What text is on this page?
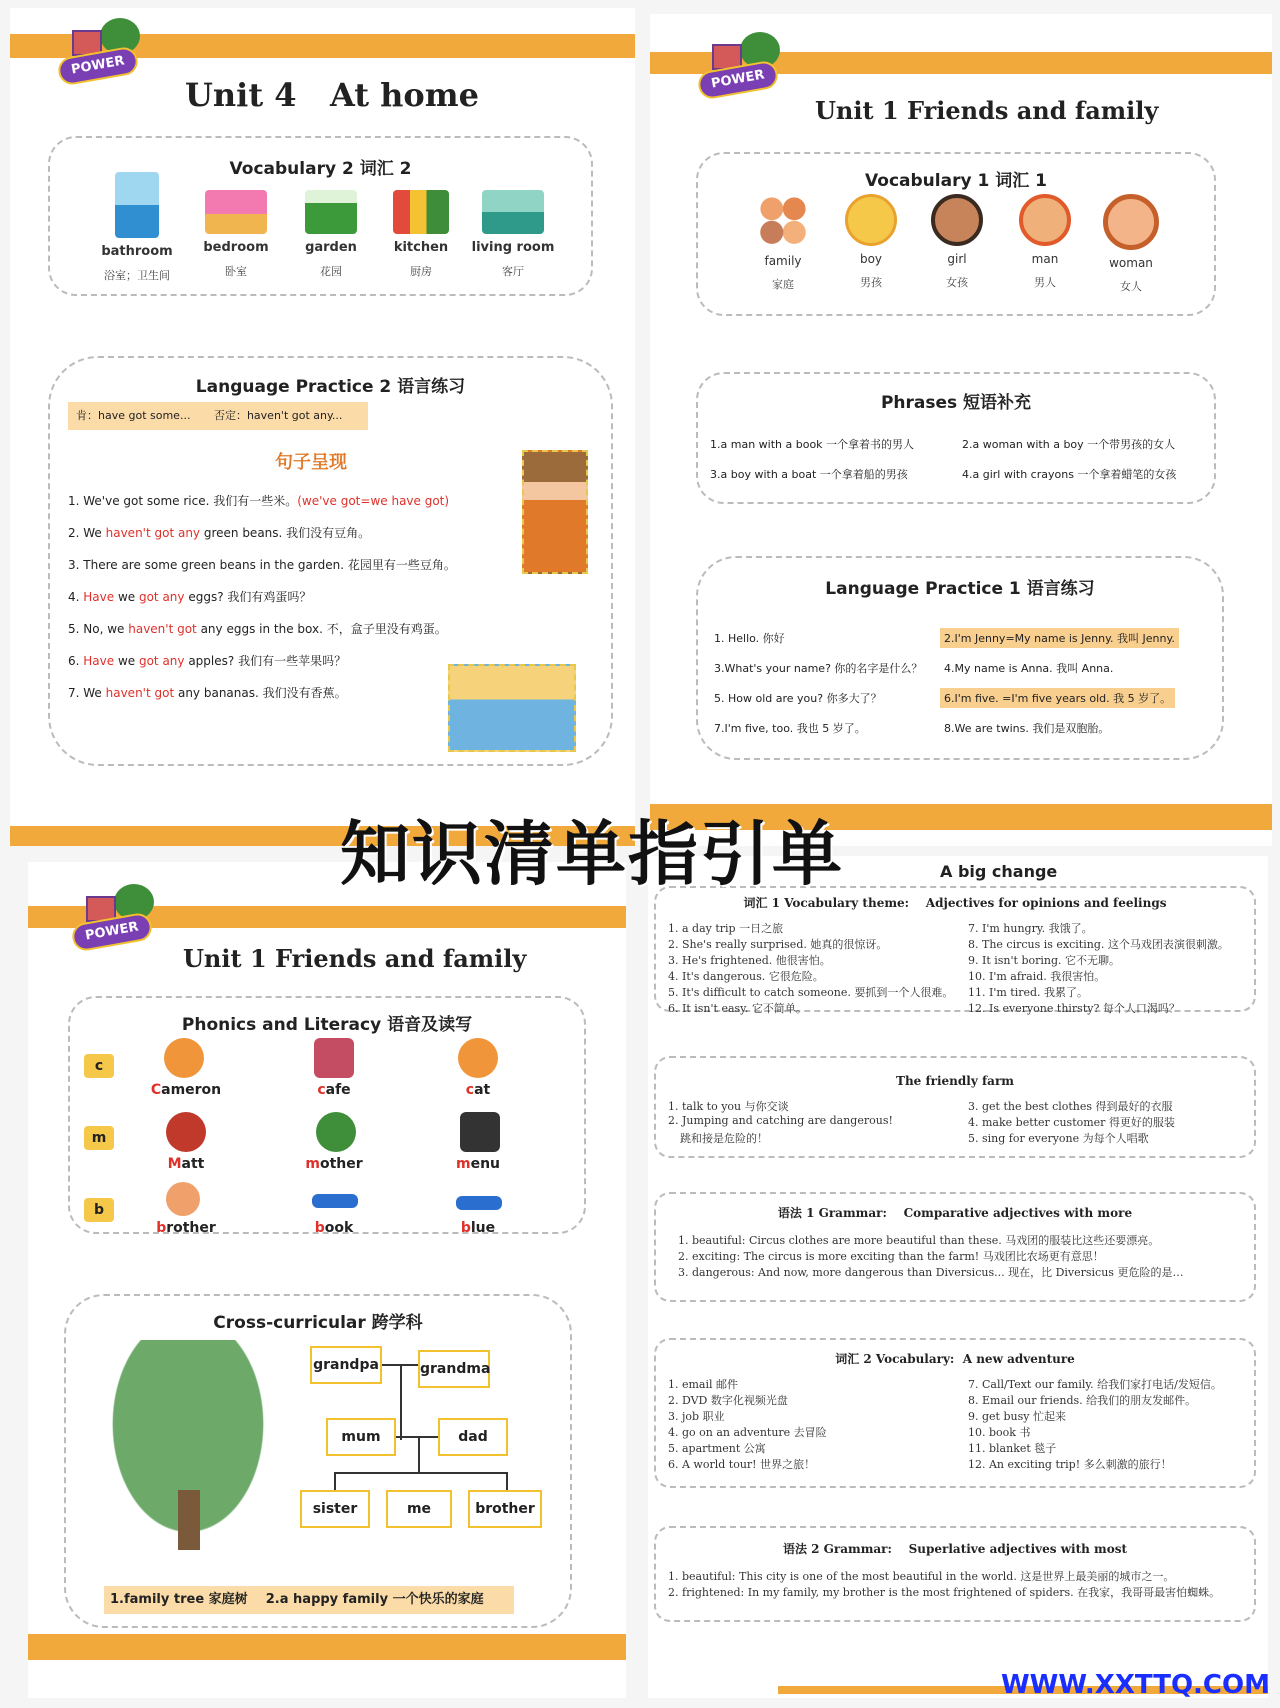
POWER UP	Unit 4   At home
Vocabulary 2 词汇 2
bathroom
浴室；卫生间
bedroom
卧室
garden
花园
kitchen
厨房
living room
客厅
Language Practice 2 语言练习
肯：have got some... 否定：haven't got any...
句子呈现
1. We've got some rice. 我们有一些米。(we've got=we have got)
2. We haven't got any green beans. 我们没有豆角。
3. There are some green beans in the garden. 花园里有一些豆角。
4. Have we got any eggs? 我们有鸡蛋吗？
5. No, we haven't got any eggs in the box. 不，盒子里没有鸡蛋。
6. Have we got any apples? 我们有一些苹果吗？
7. We haven't got any bananas. 我们没有香蕉。
POWER UP	Unit 1 Friends and family
Vocabulary 1 词汇 1
family
家庭
boy
男孩
girl
女孩
man
男人
woman
女人
Phrases 短语补充
1.a man with a book 一个拿着书的男人	2.a woman with a boy 一个带男孩的女人
3.a boy with a boat 一个拿着船的男孩	4.a girl with crayons 一个拿着蜡笔的女孩
Language Practice 1 语言练习
1. Hello. 你好	2.I'm Jenny=My name is Jenny. 我叫 Jenny.
3.What's your name? 你的名字是什么？ 4.My name is Anna. 我叫 Anna.
5. How old are you? 你多大了？	6.I'm five. =I'm five years old. 我 5 岁了。
7.I'm five, too. 我也 5 岁了。	8.We are twins. 我们是双胞胎。
POWER UP	Unit 1 Friends and family
Phonics and Literacy 语音及读写
c
m
b
Cameron	cafe	cat
Matt	mother	menu
brother	book	blue
Cross-curricular 跨学科
grandpa	grandma
mum	dad
sister	me	brother
1.family tree 家庭树    2.a happy family 一个快乐的家庭
A big change
词汇 1 Vocabulary theme:    Adjectives for opinions and feelings
1. a day trip 一日之旅
2. She's really surprised. 她真的很惊讶。
3. He's frightened. 他很害怕。
4. It's dangerous. 它很危险。
5. It's difficult to catch someone. 要抓到一个人很难。
6. It isn't easy. 它不简单。
7. I'm hungry. 我饿了。
8. The circus is exciting. 这个马戏团表演很刺激。
9. It isn't boring. 它不无聊。
10. I'm afraid. 我很害怕。
11. I'm tired. 我累了。
12. Is everyone thirsty? 每个人口渴吗？
The friendly farm
1. talk to you 与你交谈
2. Jumping and catching are dangerous!
跳和接是危险的！
3. get the best clothes 得到最好的衣服
4. make better customer 得更好的服装
5. sing for everyone 为每个人唱歌
语法 1 Grammar:    Comparative adjectives with more
1. beautiful: Circus clothes are more beautiful than these. 马戏团的服装比这些还要漂亮。
2. exciting: The circus is more exciting than the farm! 马戏团比农场更有意思！
3. dangerous: And now, more dangerous than Diversicus... 现在，比 Diversicus 更危险的是…
词汇 2 Vocabulary:  A new adventure
1. email 邮件
2. DVD 数字化视频光盘
3. job 职业
4. go on an adventure 去冒险
5. apartment 公寓
6. A world tour! 世界之旅！
7. Call/Text our family. 给我们家打电话/发短信。
8. Email our friends. 给我们的朋友发邮件。
9. get busy 忙起来
10. book 书
11. blanket 毯子
12. An exciting trip! 多么刺激的旅行！
语法 2 Grammar:    Superlative adjectives with most
1. beautiful: This city is one of the most beautiful in the world. 这是世界上最美丽的城市之一。
2. frightened: In my family, my brother is the most frightened of spiders. 在我家，我哥哥最害怕蜘蛛。
知识清单指引单
WWW.XXTTQ.COM
